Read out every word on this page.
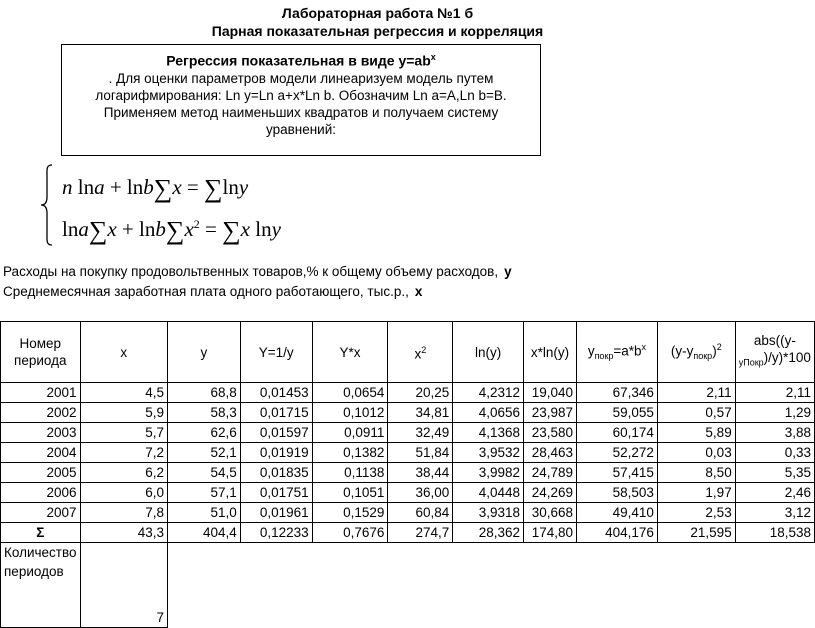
Лабораторная работа №1 б
Парная показательная регрессия и корреляция
Регрессия показательная в виде $y=ab^x$
. Для оценки параметров модели линеаризуем модель путем
логарифмирования: Ln y=Ln a+x*Ln b. Обозначим Ln a=A,Ln b=B.
Применяем метод наименьших квадратов и получаем систему
уравнений:
n lna + lnb∑x = ∑lny
$\ln a\sum x + \ln b\sum x^2 = \sum x$ lny
Расходы на покупку продовольтвенных товаров,% к общему объему расходов, y
Среднемесячная заработная плата одного работающего, тыс.р., x
Номер периода	x	y	Y=1/y	Y*x	$x^2$	ln(y)	x*ln(y)	$y_{покр}=a*b^x$	$(y-y_{покр})^2$	abs((y-
$_{уПокр}$)/y)*100
2001	4,5	68,8	0,01453	0,0654	20,25	4,2312	19,040	67,346	2,11	2,11
2002	5,9	58,3	0,01715	0,1012	34,81	4,0656	23,987	59,055	0,57	1,29
2003	5,7	62,6	0,01597	0,0911	32,49	4,1368	23,580	60,174	5,89	3,88
2004	7,2	52,1	0,01919	0,1382	51,84	3,9532	28,463	52,272	0,03	0,33
2005	6,2	54,5	0,01835	0,1138	38,44	3,9982	24,789	57,415	8,50	5,35
2006	6,0	57,1	0,01751	0,1051	36,00	4,0448	24,269	58,503	1,97	2,46
2007	7,8	51,0	0,01961	0,1529	60,84	3,9318	30,668	49,410	2,53	3,12
Σ	43,3	404,4	0,12233	0,7676	274,7	28,362	174,80	404,176	21,595	18,538
Количество периодов	7									
